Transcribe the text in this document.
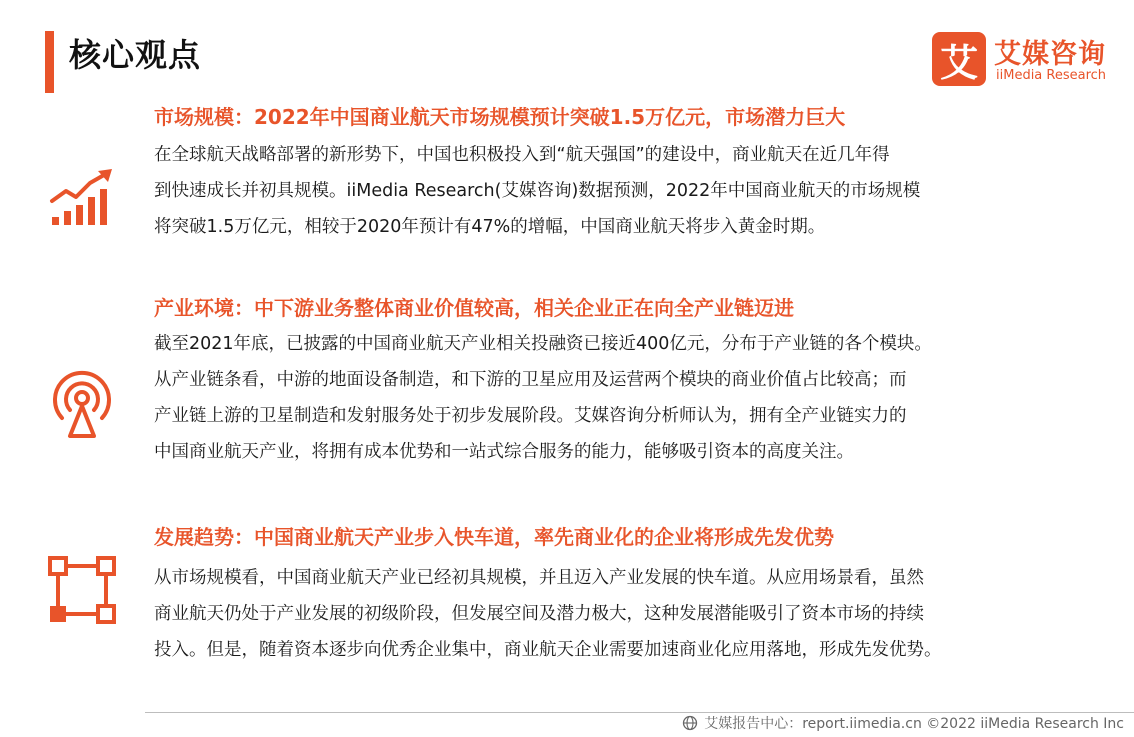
核心观点	艾 艾媒咨询
iiMedia Research
市场规模：2022年中国商业航天市场规模预计突破1.5万亿元，市场潜力巨大

在全球航天战略部署的新形势下，中国也积极投入到“航天强国”的建设中，商业航天在近几年得

到快速成长并初具规模。iiMedia Research(艾媒咨询)数据预测，2022年中国商业航天的市场规模

将突破1.5万亿元，相较于2020年预计有47%的增幅，中国商业航天将步入黄金时期。

产业环境：中下游业务整体商业价值较高，相关企业正在向全产业链迈进

截至2021年底，已披露的中国商业航天产业相关投融资已接近400亿元，分布于产业链的各个模块。

从产业链条看，中游的地面设备制造，和下游的卫星应用及运营两个模块的商业价值占比较高；而

产业链上游的卫星制造和发射服务处于初步发展阶段。艾媒咨询分析师认为，拥有全产业链实力的

中国商业航天产业，将拥有成本优势和一站式综合服务的能力，能够吸引资本的高度关注。

发展趋势：中国商业航天产业步入快车道，率先商业化的企业将形成先发优势

从市场规模看，中国商业航天产业已经初具规模，并且迈入产业发展的快车道。从应用场景看，虽然

商业航天仍处于产业发展的初级阶段，但发展空间及潜力极大，这种发展潜能吸引了资本市场的持续

投入。但是，随着资本逐步向优秀企业集中，商业航天企业需要加速商业化应用落地，形成先发优势。

艾媒报告中心：report.iimedia.cn ©2022 iiMedia Research Inc
